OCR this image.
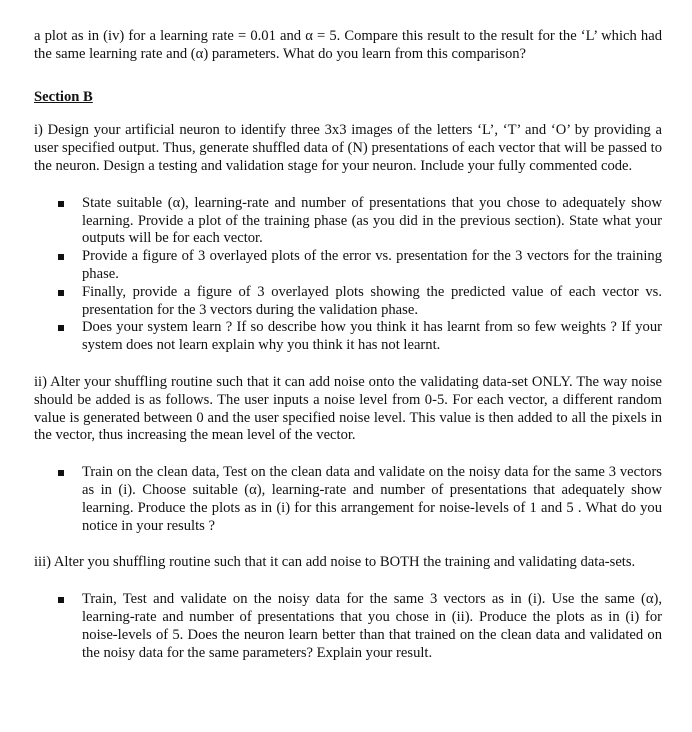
a plot as in (iv) for a learning rate = 0.01 and α = 5. Compare this result to the result for the ‘L’ which had the same learning rate and (α) parameters. What do you learn from this comparison?

Section B

i) Design your artificial neuron to identify three 3x3 images of the letters ‘L’, ‘T’ and ‘O’ by providing a user specified output. Thus, generate shuffled data of (N) presentations of each vector that will be passed to the neuron. Design a testing and validation stage for your neuron. Include your fully commented code.

State suitable (α), learning-rate and number of presentations that you chose to adequately show learning. Provide a plot of the training phase (as you did in the previous section). State what your outputs will be for each vector.
Provide a figure of 3 overlayed plots of the error vs. presentation for the 3 vectors for the training phase.
Finally, provide a figure of 3 overlayed plots showing the predicted value of each vector vs. presentation for the 3 vectors during the validation phase.
Does your system learn ? If so describe how you think it has learnt from so few weights ? If your system does not learn explain why you think it has not learnt.

ii) Alter your shuffling routine such that it can add noise onto the validating data-set ONLY. The way noise should be added is as follows. The user inputs a noise level from 0-5. For each vector, a different random value is generated between 0 and the user specified noise level. This value is then added to all the pixels in the vector, thus increasing the mean level of the vector.

Train on the clean data, Test on the clean data and validate on the noisy data for the same 3 vectors as in (i). Choose suitable (α), learning-rate and number of presentations that adequately show learning. Produce the plots as in (i) for this arrangement for noise-levels of 1 and 5 . What do you notice in your results ?

iii) Alter you shuffling routine such that it can add noise to BOTH the training and validating data-sets.

Train, Test and validate on the noisy data for the same 3 vectors as in (i). Use the same (α), learning-rate and number of presentations that you chose in (ii). Produce the plots as in (i) for noise-levels of 5. Does the neuron learn better than that trained on the clean data and validated on the noisy data for the same parameters? Explain your result.
